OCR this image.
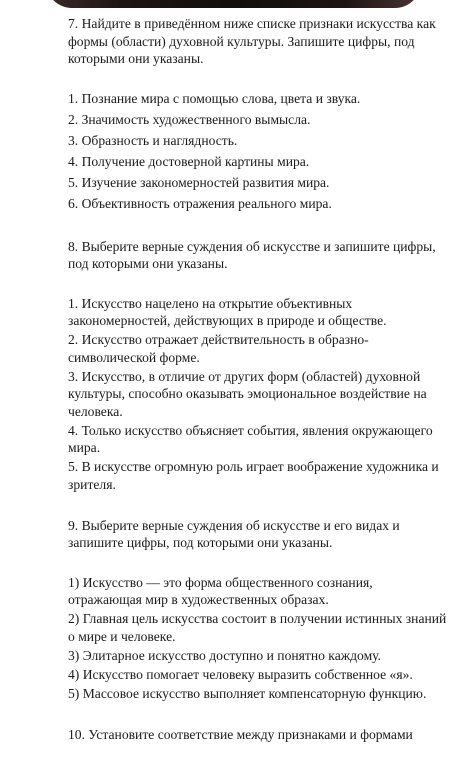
7. Найдите в приведённом ниже списке признаки искусства как формы (области) духовной культуры. Запишите цифры, под которыми они указаны.

1. Познание мира с помощью слова, цвета и звука.
2. Значимость художественного вымысла.
3. Образность и наглядность.
4. Получение достоверной картины мира.
5. Изучение закономерностей развития мира.
6. Объективность отражения реального мира.

8. Выберите верные суждения об искусстве и запишите цифры, под которыми они указаны.

1. Искусство нацелено на открытие объективных закономерностей, действующих в природе и обществе.
2. Искусство отражает действительность в образно-символической форме.
3. Искусство, в отличие от других форм (областей) духовной культуры, способно оказывать эмоциональное воздействие на человека.
4. Только искусство объясняет события, явления окружающего мира.
5. В искусстве огромную роль играет воображение художника и зрителя.

9. Выберите верные суждения об искусстве и его видах и запишите цифры, под которыми они указаны.

1) Искусство — это форма общественного сознания, отражающая мир в художественных образах.
2) Главная цель искусства состоит в получении истинных знаний о мире и человеке.
3) Элитарное искусство доступно и понятно каждому.
4) Искусство помогает человеку выразить собственное «я».
5) Массовое искусство выполняет компенсаторную функцию.

10. Установите соответствие между признаками и формами
